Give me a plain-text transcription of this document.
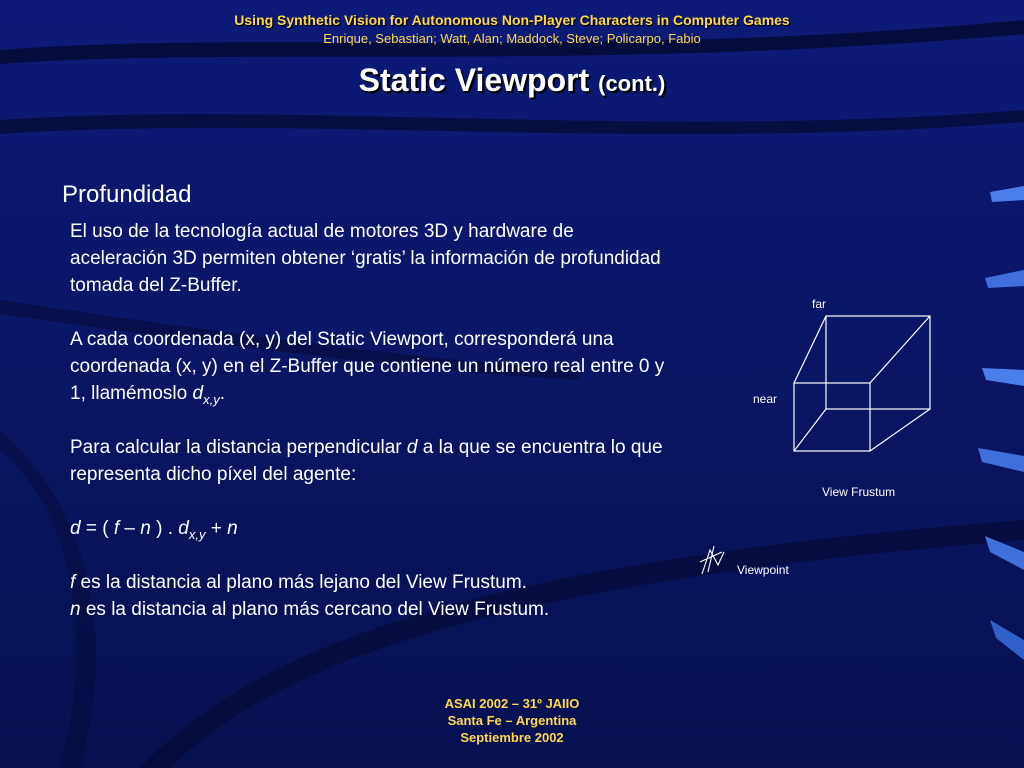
Using Synthetic Vision for Autonomous Non-Player Characters in Computer Games
Enrique, Sebastian; Watt, Alan; Maddock, Steve; Policarpo, Fabio
Static Viewport (cont.)
Profundidad

El uso de la tecnología actual de motores 3D y hardware de aceleración 3D permiten obtener ‘gratis’ la información de profundidad tomada del Z-Buffer.

A cada coordenada (x, y) del Static Viewport, corresponderá una coordenada (x, y) en el Z-Buffer que contiene un número real entre 0 y 1, llamémoslo $d_{x,y}$.

Para calcular la distancia perpendicular d a la que se encuentra lo que representa dicho píxel del agente:

d = ( f – n ) . $d_{x,y} + n$

f es la distancia al plano más lejano del View Frustum.

n es la distancia al plano más cercano del View Frustum.

far
near
View Frustum
Viewpoint
ASAI 2002 – 31º JAIIO
Santa Fe – Argentina
Septiembre 2002
